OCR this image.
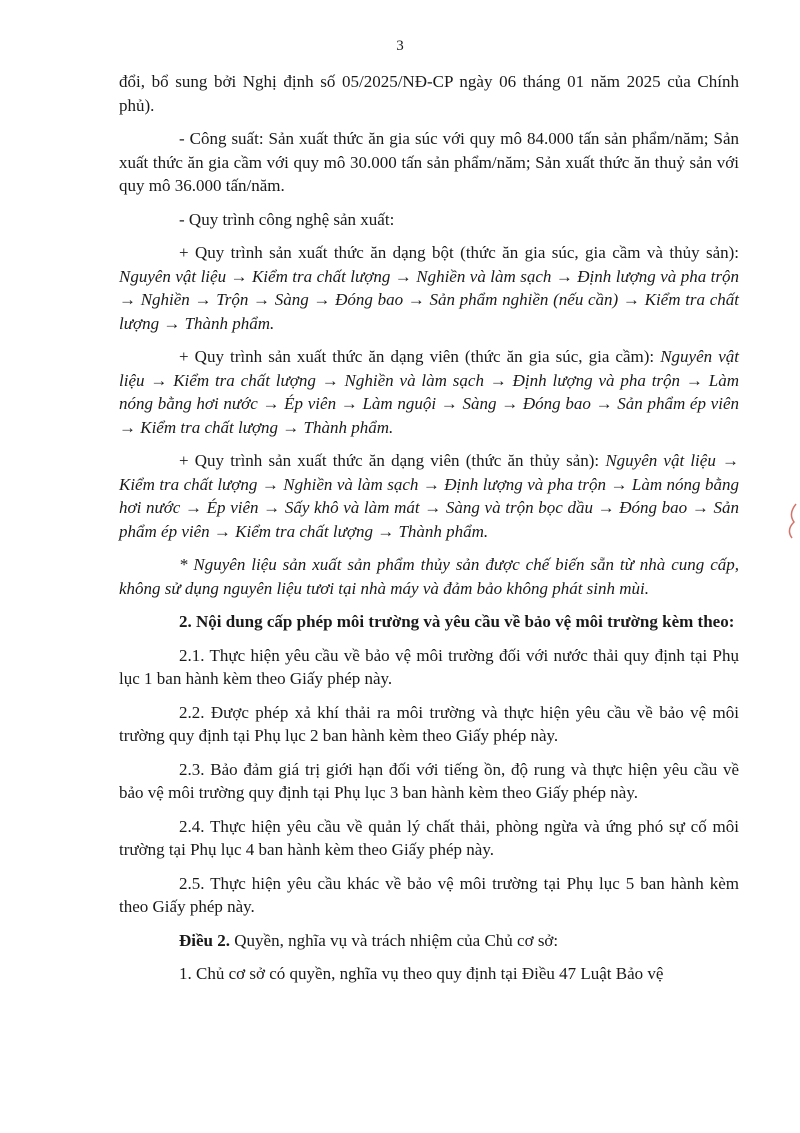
3

đổi, bổ sung bởi Nghị định số 05/2025/NĐ-CP ngày 06 tháng 01 năm 2025 của Chính phủ).

- Công suất: Sản xuất thức ăn gia súc với quy mô 84.000 tấn sản phẩm/năm; Sản xuất thức ăn gia cầm với quy mô 30.000 tấn sản phẩm/năm; Sản xuất thức ăn thuỷ sản với quy mô 36.000 tấn/năm.

- Quy trình công nghệ sản xuất:

+ Quy trình sản xuất thức ăn dạng bột (thức ăn gia súc, gia cầm và thủy sản): Nguyên vật liệu → Kiểm tra chất lượng → Nghiền và làm sạch → Định lượng và pha trộn → Nghiền → Trộn → Sàng → Đóng bao → Sản phẩm nghiền (nếu cần) → Kiểm tra chất lượng → Thành phẩm.

+ Quy trình sản xuất thức ăn dạng viên (thức ăn gia súc, gia cầm): Nguyên vật liệu → Kiểm tra chất lượng → Nghiền và làm sạch → Định lượng và pha trộn → Làm nóng bằng hơi nước → Ép viên → Làm nguội → Sàng → Đóng bao → Sản phẩm ép viên → Kiểm tra chất lượng → Thành phẩm.

+ Quy trình sản xuất thức ăn dạng viên (thức ăn thủy sản): Nguyên vật liệu → Kiểm tra chất lượng → Nghiền và làm sạch → Định lượng và pha trộn → Làm nóng bằng hơi nước → Ép viên → Sấy khô và làm mát → Sàng và trộn bọc dầu → Đóng bao → Sản phẩm ép viên → Kiểm tra chất lượng → Thành phẩm.

* Nguyên liệu sản xuất sản phẩm thủy sản được chế biến sẵn từ nhà cung cấp, không sử dụng nguyên liệu tươi tại nhà máy và đảm bảo không phát sinh mùi.

2. Nội dung cấp phép môi trường và yêu cầu về bảo vệ môi trường kèm theo:

2.1. Thực hiện yêu cầu về bảo vệ môi trường đối với nước thải quy định tại Phụ lục 1 ban hành kèm theo Giấy phép này.

2.2. Được phép xả khí thải ra môi trường và thực hiện yêu cầu về bảo vệ môi trường quy định tại Phụ lục 2 ban hành kèm theo Giấy phép này.

2.3. Bảo đảm giá trị giới hạn đối với tiếng ồn, độ rung và thực hiện yêu cầu về bảo vệ môi trường quy định tại Phụ lục 3 ban hành kèm theo Giấy phép này.

2.4. Thực hiện yêu cầu về quản lý chất thải, phòng ngừa và ứng phó sự cố môi trường tại Phụ lục 4 ban hành kèm theo Giấy phép này.

2.5. Thực hiện yêu cầu khác về bảo vệ môi trường tại Phụ lục 5 ban hành kèm theo Giấy phép này.

Điều 2. Quyền, nghĩa vụ và trách nhiệm của Chủ cơ sở:

1. Chủ cơ sở có quyền, nghĩa vụ theo quy định tại Điều 47 Luật Bảo vệ
